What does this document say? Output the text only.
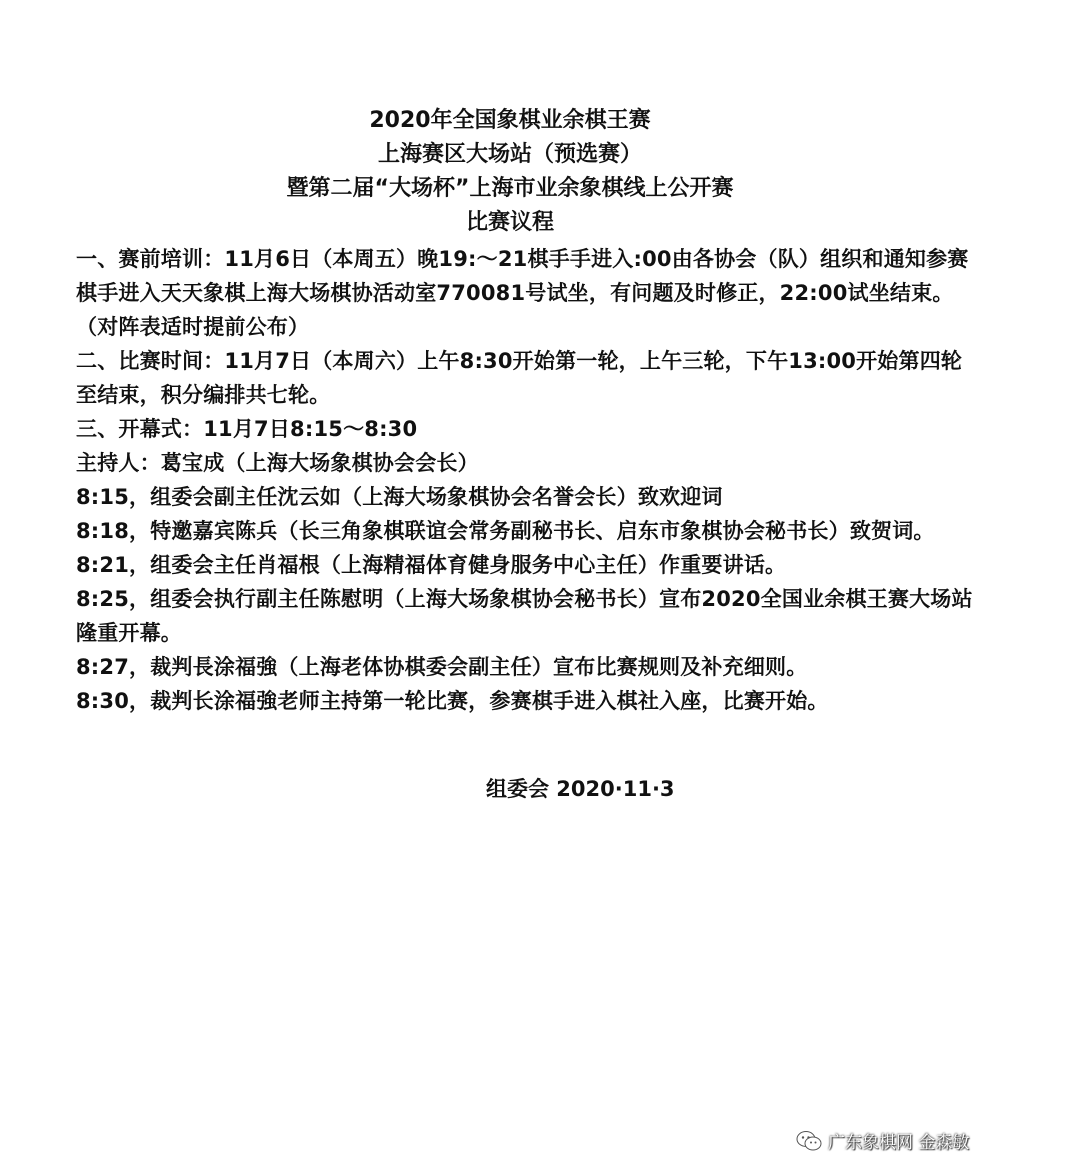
2020年全国象棋业余棋王赛
上海赛区大场站（预选赛）
暨第二届“大场杯”上海市业余象棋线上公开赛
比赛议程

一、赛前培训：11月6日（本周五）晚19:～21棋手手进入:00由各协会（队）组织和通知参赛棋手进入天天象棋上海大场棋协活动室770081号试坐，有问题及时修正，22:00试坐结束。（对阵表适时提前公布）

二、比赛时间：11月7日（本周六）上午8:30开始第一轮，上午三轮，下午13:00开始第四轮至结束，积分编排共七轮。

三、开幕式：11月7日8:15～8:30

主持人：葛宝成（上海大场象棋协会会长）

8:15，组委会副主任沈云如（上海大场象棋协会名誉会长）致欢迎词

8:18，特邀嘉宾陈兵（长三角象棋联谊会常务副秘书长、启东市象棋协会秘书长）致贺词。

8:21，组委会主任肖福根（上海精福体育健身服务中心主任）作重要讲话。

8:25，组委会执行副主任陈慰明（上海大场象棋协会秘书长）宣布2020全国业余棋王赛大场站隆重开幕。

8:27，裁判長涂福強（上海老体协棋委会副主任）宣布比赛规则及补充细则。

8:30，裁判长涂福強老师主持第一轮比赛，参赛棋手进入棋社入座，比赛开始。

组委会 2020·11·3
广东象棋网 金森敏
